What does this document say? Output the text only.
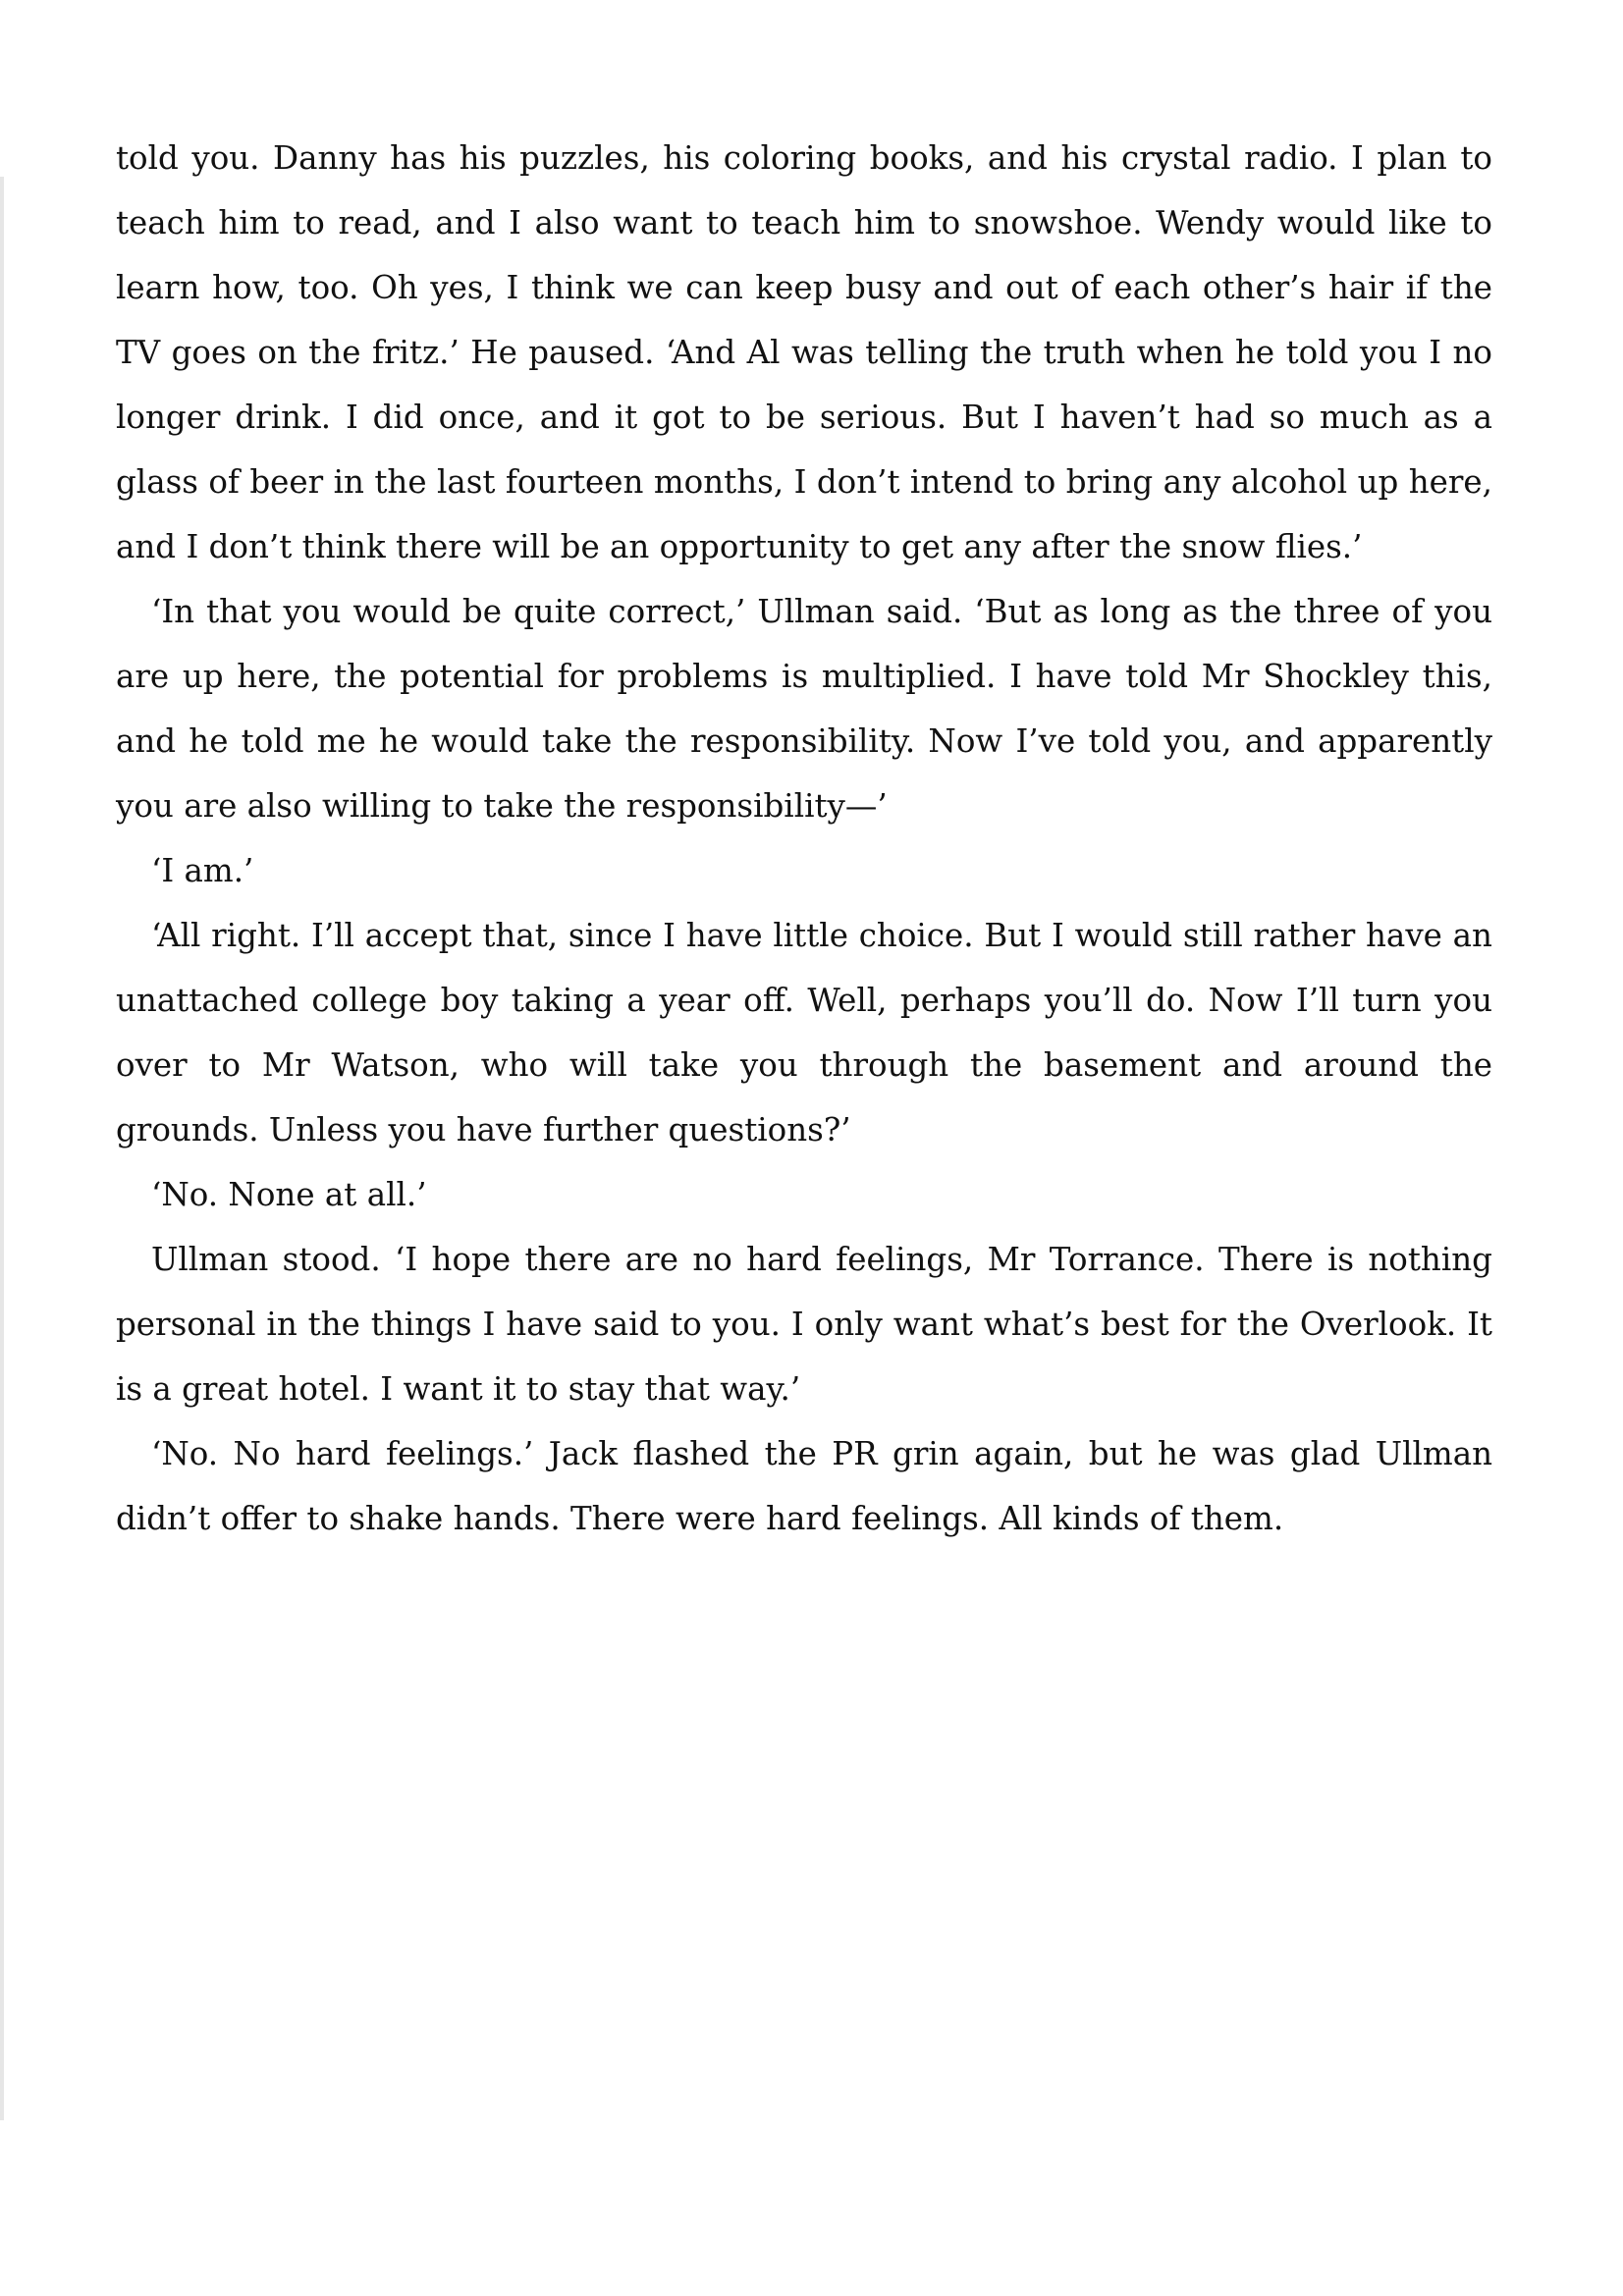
told you. Danny has his puzzles, his coloring books, and his crystal radio. I plan to teach him to read, and I also want to teach him to snowshoe. Wendy would like to learn how, too. Oh yes, I think we can keep busy and out of each other’s hair if the TV goes on the fritz.’ He paused. ‘And Al was telling the truth when he told you I no longer drink. I did once, and it got to be serious. But I haven’t had so much as a glass of beer in the last fourteen months, I don’t intend to bring any alcohol up here, and I don’t think there will be an opportunity to get any after the snow flies.’

‘In that you would be quite correct,’ Ullman said. ‘But as long as the three of you are up here, the potential for problems is multiplied. I have told Mr Shockley this, and he told me he would take the responsibility. Now I’ve told you, and apparently you are also willing to take the responsibility—’

‘I am.’

‘All right. I’ll accept that, since I have little choice. But I would still rather have an unattached college boy taking a year off. Well, perhaps you’ll do. Now I’ll turn you over to Mr Watson, who will take you through the basement and around the grounds. Unless you have further questions?’

‘No. None at all.’

Ullman stood. ‘I hope there are no hard feelings, Mr Torrance. There is nothing personal in the things I have said to you. I only want what’s best for the Overlook. It is a great hotel. I want it to stay that way.’

‘No. No hard feelings.’ Jack flashed the PR grin again, but he was glad Ullman didn’t offer to shake hands. There were hard feelings. All kinds of them.
